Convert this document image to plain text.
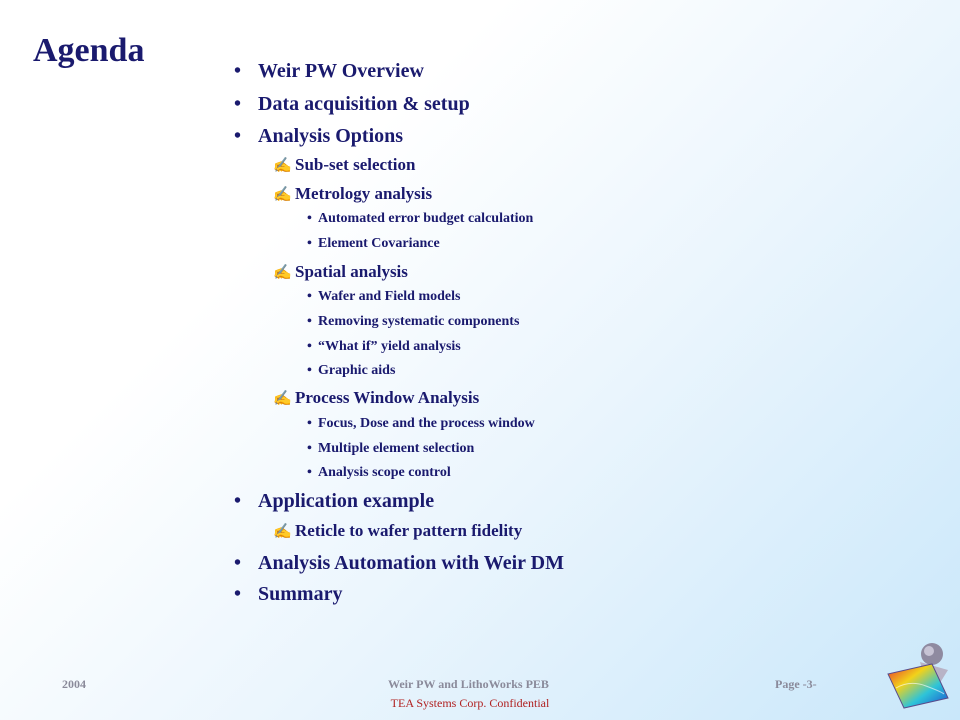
Agenda
• Weir PW Overview
• Data acquisition & setup
• Analysis Options
✍ Sub-set selection
✍ Metrology analysis
• Automated error budget calculation
• Element Covariance
✍ Spatial analysis
• Wafer and Field models
• Removing systematic components
• “What if” yield analysis
• Graphic aids
✍ Process Window Analysis
• Focus, Dose and the process window
• Multiple element selection
• Analysis scope control
• Application example
✍ Reticle to wafer pattern fidelity
• Analysis Automation with Weir DM
• Summary
2004	Weir PW and LithoWorks PEB	Page -3-
TEA Systems Corp. Confidential
